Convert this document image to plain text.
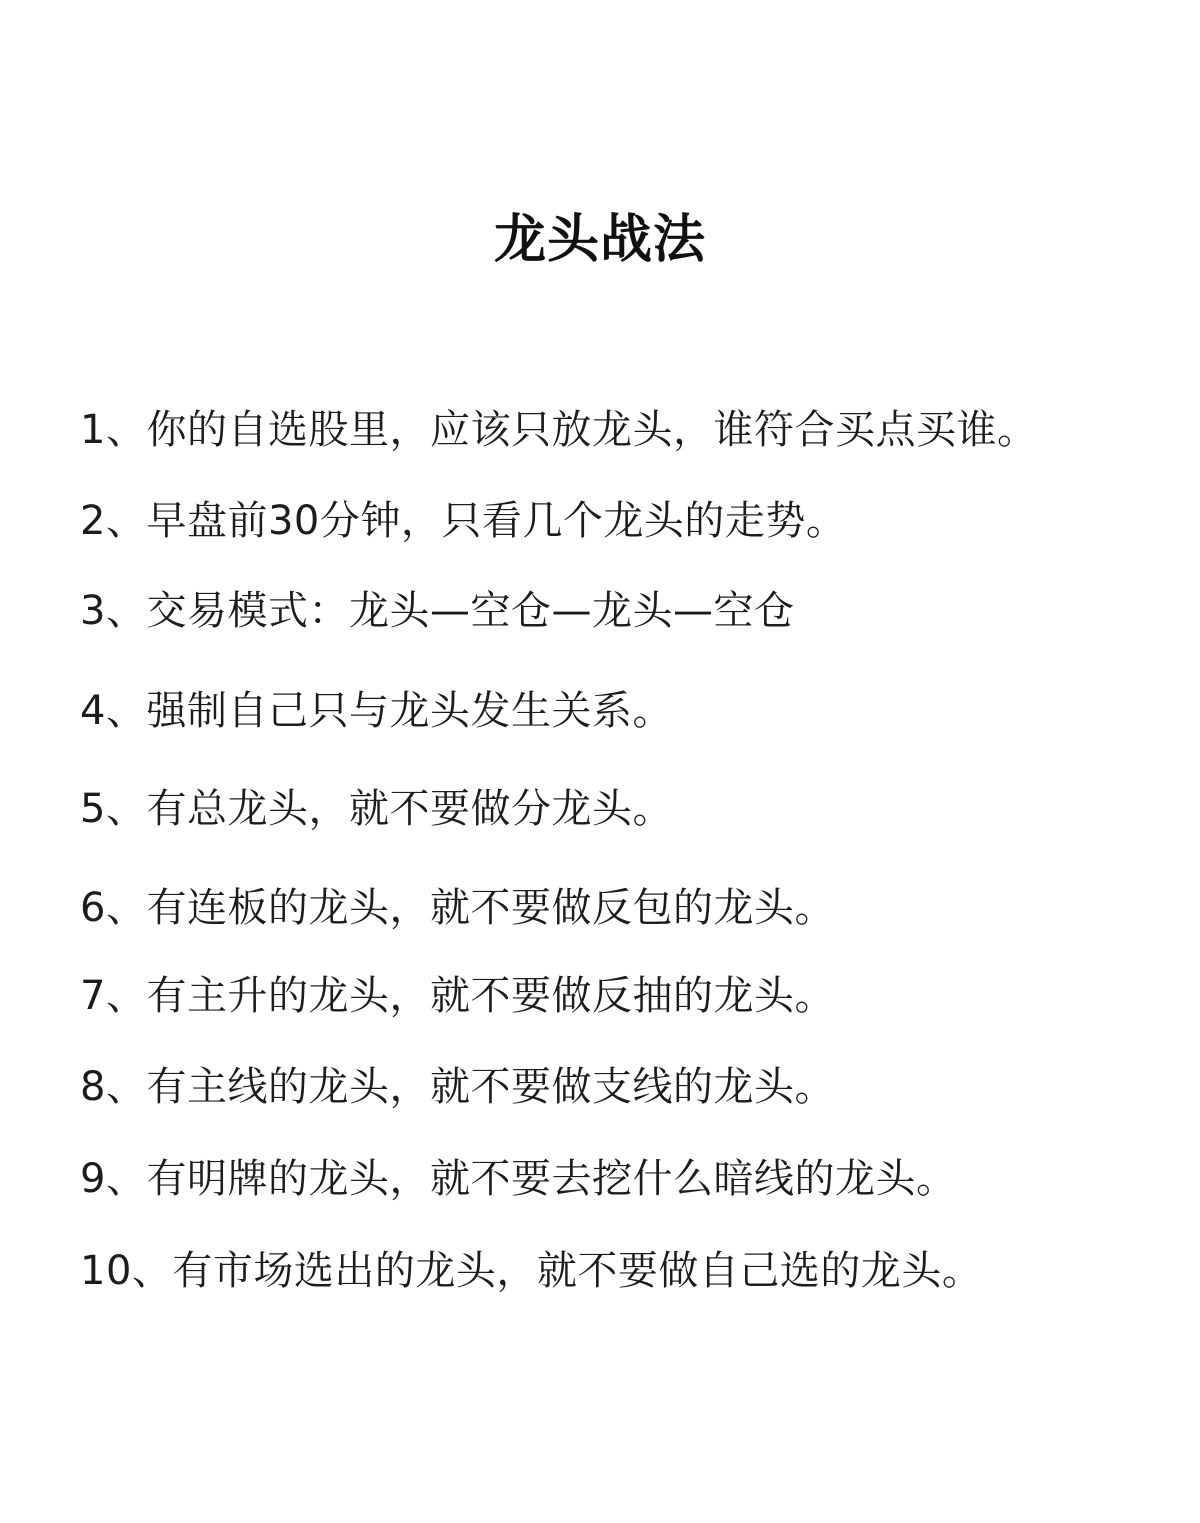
龙头战法
1、你的自选股里，应该只放龙头，谁符合买点买谁。
2、早盘前30分钟，只看几个龙头的走势。
3、交易模式：龙头—空仓—龙头—空仓
4、强制自己只与龙头发生关系。
5、有总龙头，就不要做分龙头。
6、有连板的龙头，就不要做反包的龙头。
7、有主升的龙头，就不要做反抽的龙头。
8、有主线的龙头，就不要做支线的龙头。
9、有明牌的龙头，就不要去挖什么暗线的龙头。
10、有市场选出的龙头，就不要做自己选的龙头。
